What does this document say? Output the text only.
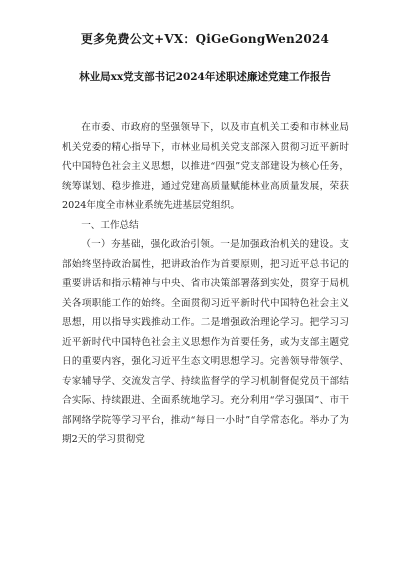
更多免费公文+VX：QiGeGongWen2024
林业局xx党支部书记2024年述职述廉述党建工作报告

在市委、市政府的坚强领导下，以及市直机关工委和市林业局机关党委的精心指导下，市林业局机关党支部深入贯彻习近平新时代中国特色社会主义思想，以推进“四强”党支部建设为核心任务，统筹谋划、稳步推进，通过党建高质量赋能林业高质量发展，荣获2024年度全市林业系统先进基层党组织。

一、工作总结

（一）夯基础，强化政治引领。一是加强政治机关的建设。支部始终坚持政治属性，把讲政治作为首要原则，把习近平总书记的重要讲话和指示精神与中央、省市决策部署落到实处，贯穿于局机关各项职能工作的始终。全面贯彻习近平新时代中国特色社会主义思想，用以指导实践推动工作。二是增强政治理论学习。把学习习近平新时代中国特色社会主义思想作为首要任务，或为支部主题党日的重要内容，强化习近平生态文明思想学习。完善领导带领学、专家辅导学、交流发言学、持续监督学的学习机制督促党员干部结合实际、持续跟进、全面系统地学习。充分利用“学习强国”、市干部网络学院等学习平台，推动“每日一小时”自学常态化。举办了为期2天的学习贯彻党
